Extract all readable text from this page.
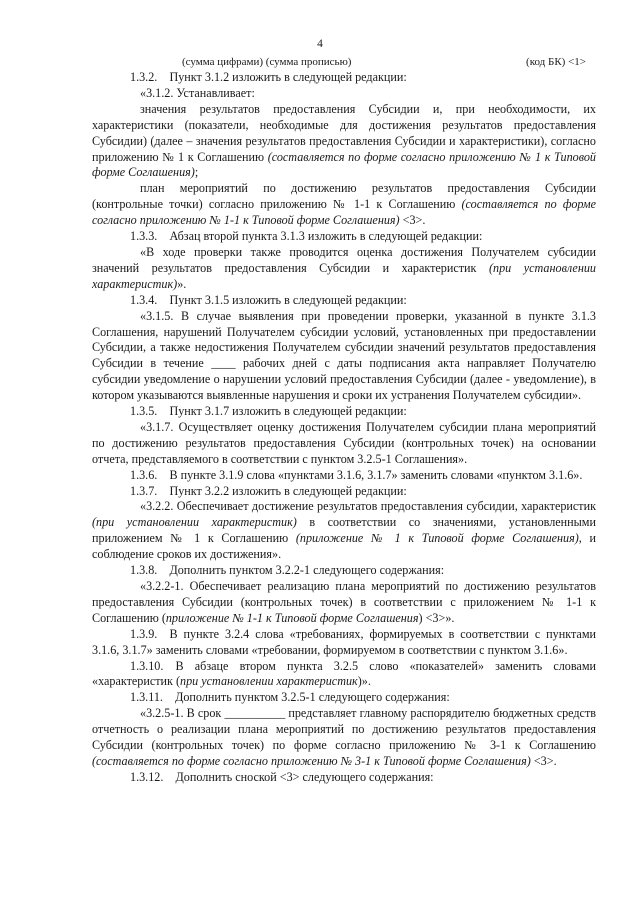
4
(сумма цифрами) (сумма прописью)	(код БК) <1>

1.3.2. Пункт 3.1.2 изложить в следующей редакции:

«3.1.2. Устанавливает:

значения результатов предоставления Субсидии и, при необходимости, их характеристики (показатели, необходимые для достижения результатов предоставления Субсидии) (далее – значения результатов предоставления Субсидии и характеристики), согласно приложению № 1 к Соглашению (составляется по форме согласно приложению № 1 к Типовой форме Соглашения);

план мероприятий по достижению результатов предоставления Субсидии (контрольные точки) согласно приложению № 1-1 к Соглашению (составляется по форме согласно приложению № 1-1 к Типовой форме Соглашения) <3>.

1.3.3. Абзац второй пункта 3.1.3 изложить в следующей редакции:

«В ходе проверки также проводится оценка достижения Получателем субсидии значений результатов предоставления Субсидии и характеристик (при установлении характеристик)».

1.3.4. Пункт 3.1.5 изложить в следующей редакции:

«3.1.5. В случае выявления при проведении проверки, указанной в пункте 3.1.3 Соглашения, нарушений Получателем субсидии условий, установленных при предоставлении Субсидии, а также недостижения Получателем субсидии значений результатов предоставления Субсидии в течение ____ рабочих дней с даты подписания акта направляет Получателю субсидии уведомление о нарушении условий предоставления Субсидии (далее - уведомление), в котором указываются выявленные нарушения и сроки их устранения Получателем субсидии».

1.3.5. Пункт 3.1.7 изложить в следующей редакции:

«3.1.7. Осуществляет оценку достижения Получателем субсидии плана мероприятий по достижению результатов предоставления Субсидии (контрольных точек) на основании отчета, представляемого в соответствии с пунктом 3.2.5-1 Соглашения».

1.3.6. В пункте 3.1.9 слова «пунктами 3.1.6, 3.1.7» заменить словами «пунктом 3.1.6».

1.3.7. Пункт 3.2.2 изложить в следующей редакции:

«3.2.2. Обеспечивает достижение результатов предоставления субсидии, характеристик (при установлении характеристик) в соответствии со значениями, установленными приложением № 1 к Соглашению (приложение № 1 к Типовой форме Соглашения), и соблюдение сроков их достижения».

1.3.8. Дополнить пунктом 3.2.2-1 следующего содержания:

«3.2.2-1. Обеспечивает реализацию плана мероприятий по достижению результатов предоставления Субсидии (контрольных точек) в соответствии с приложением № 1-1 к Соглашению (приложение № 1-1 к Типовой форме Соглашения) <3>».

1.3.9. В пункте 3.2.4 слова «требованиях, формируемых в соответствии с пунктами 3.1.6, 3.1.7» заменить словами «требовании, формируемом в соответствии с пунктом 3.1.6».

1.3.10. В абзаце втором пункта 3.2.5 слово «показателей» заменить словами «характеристик (при установлении характеристик)».

1.3.11. Дополнить пунктом 3.2.5-1 следующего содержания:

«3.2.5-1. В срок __________ представляет главному распорядителю бюджетных средств отчетность о реализации плана мероприятий по достижению результатов предоставления Субсидии (контрольных точек) по форме согласно приложению № 3-1 к Соглашению (составляется по форме согласно приложению № 3-1 к Типовой форме Соглашения) <3>.

1.3.12. Дополнить сноской <3> следующего содержания:
